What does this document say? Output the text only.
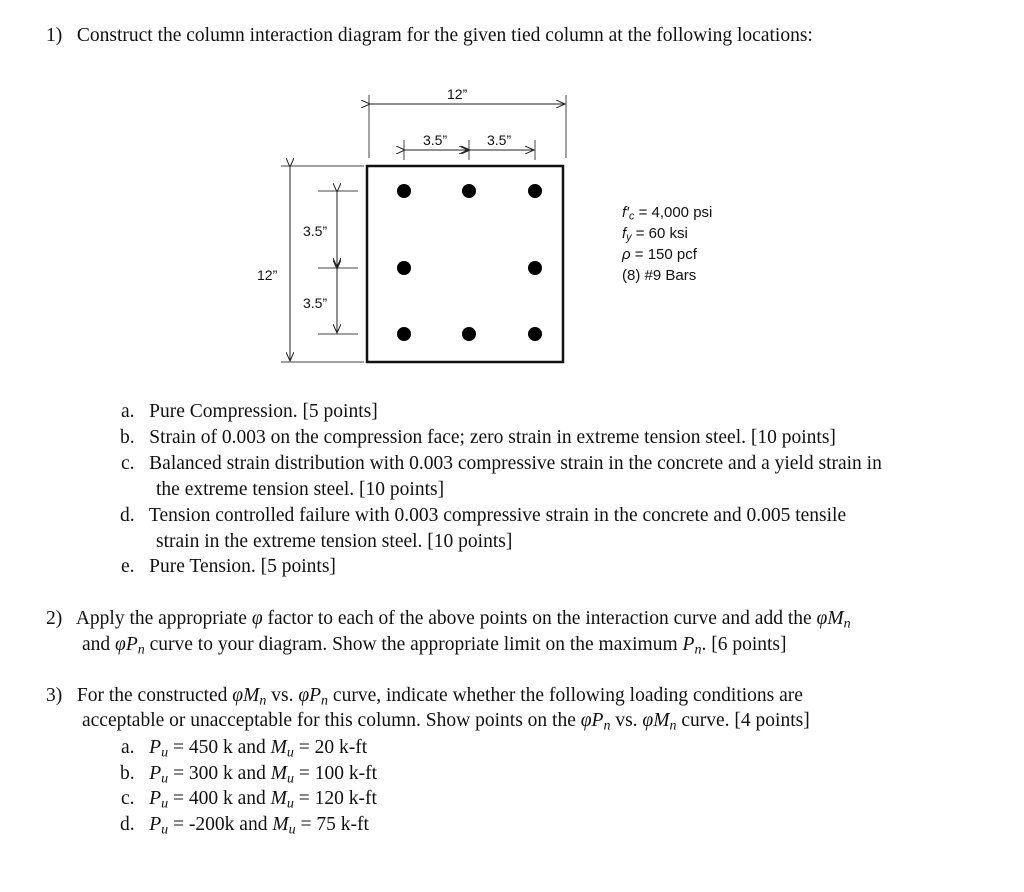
1) Construct the column interaction diagram for the given tied column at the following locations:
12”
3.5”	3.5”
12”
3.5”
3.5”
$f'_c = 4,000$ psi
$f_y = 60$ ksi
ρ = 150 pcf
(8) #9 Bars
a. Pure Compression. [5 points]
b. Strain of 0.003 on the compression face; zero strain in extreme tension steel. [10 points]
c. Balanced strain distribution with 0.003 compressive strain in the concrete and a yield strain in
the extreme tension steel. [10 points]
d. Tension controlled failure with 0.003 compressive strain in the concrete and 0.005 tensile
strain in the extreme tension steel. [10 points]
e. Pure Tension. [5 points]
2) Apply the appropriate φ factor to each of the above points on the interaction curve and add the $\varphi M_n$
and $\varphi P_n$ curve to your diagram. Show the appropriate limit on the maximum $P_n$. [6 points]
3) For the constructed $\varphi M_n$ vs. $\varphi P_n$ curve, indicate whether the following loading conditions are
acceptable or unacceptable for this column. Show points on the $\varphi P_n$ vs. $\varphi M_n$ curve. [4 points]
a. $P_u = 450$ k and $M_u = 20$ k-ft
b. $P_u = 300$ k and $M_u = 100$ k-ft
c. $P_u = 400$ k and $M_u = 120$ k-ft
d. $P_u = -200k$ and $M_u = 75$ k-ft
